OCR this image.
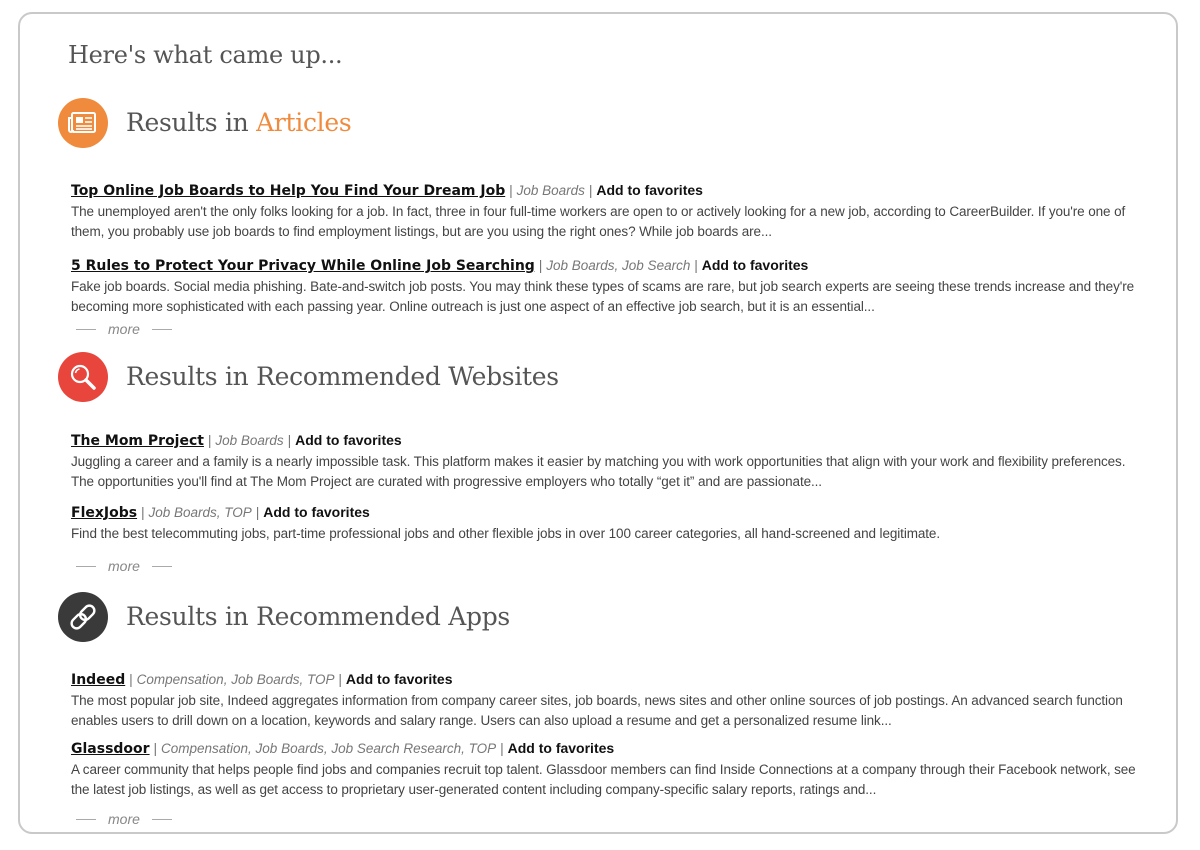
Here's what came up...
Results in Articles
Top Online Job Boards to Help You Find Your Dream Job | Job Boards | Add to favorites
The unemployed aren't the only folks looking for a job. In fact, three in four full-time workers are open to or actively looking for a new job, according to CareerBuilder. If you're one of them, you probably use job boards to find employment listings, but are you using the right ones? While job boards are...
5 Rules to Protect Your Privacy While Online Job Searching | Job Boards, Job Search | Add to favorites
Fake job boards. Social media phishing. Bate-and-switch job posts. You may think these types of scams are rare, but job search experts are seeing these trends increase and they're becoming more sophisticated with each passing year. Online outreach is just one aspect of an effective job search, but it is an essential...
more
Results in Recommended Websites
The Mom Project | Job Boards | Add to favorites
Juggling a career and a family is a nearly impossible task. This platform makes it easier by matching you with work opportunities that align with your work and flexibility preferences. The opportunities you'll find at The Mom Project are curated with progressive employers who totally “get it” and are passionate...
FlexJobs | Job Boards, TOP | Add to favorites
Find the best telecommuting jobs, part-time professional jobs and other flexible jobs in over 100 career categories, all hand-screened and legitimate.
more
Results in Recommended Apps
Indeed | Compensation, Job Boards, TOP | Add to favorites
The most popular job site, Indeed aggregates information from company career sites, job boards, news sites and other online sources of job postings. An advanced search function enables users to drill down on a location, keywords and salary range. Users can also upload a resume and get a personalized resume link...
Glassdoor | Compensation, Job Boards, Job Search Research, TOP | Add to favorites
A career community that helps people find jobs and companies recruit top talent. Glassdoor members can find Inside Connections at a company through their Facebook network, see the latest job listings, as well as get access to proprietary user-generated content including company-specific salary reports, ratings and...
more
